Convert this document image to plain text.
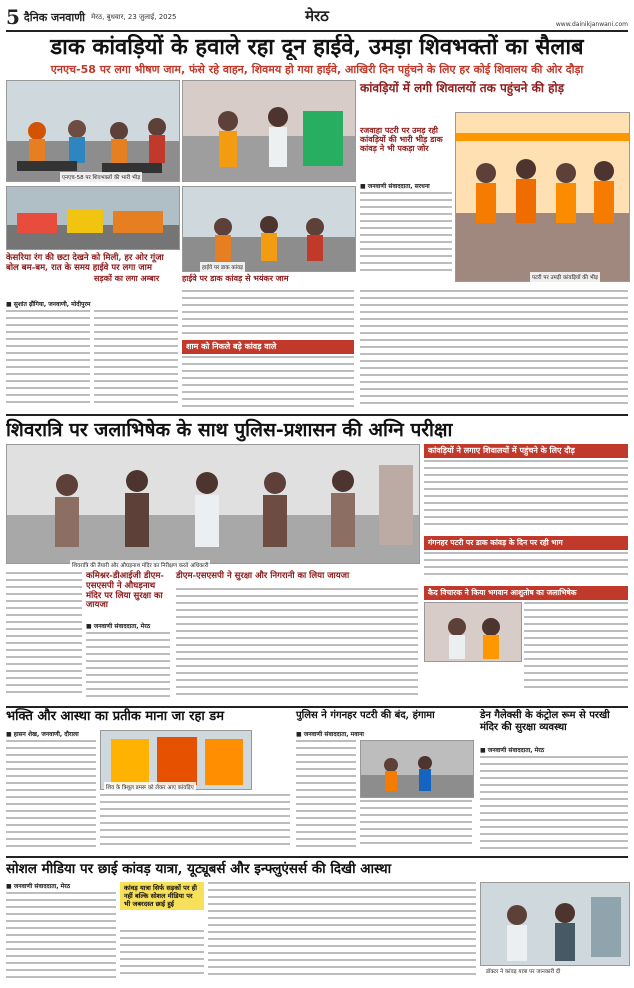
5 दैनिक जनवाणी मेरठ, बुधवार, 23 जुलाई, 2025	मेरठ	www.dainikjanwani.com
डाक कांवड़ियों के हवाले रहा दून हाईवे, उमड़ा शिवभक्तों का सैलाब
एनएच-58 पर लगा भीषण जाम, फंसे रहे वाहन, शिवमय हो गया हाईवे, आखिरी दिन पहुंचने के लिए हर कोई शिवालय की ओर दौड़ा
एनएच-58 पर शिवभक्तों की भारी भीड़
कांवड़ियों में लगी शिवालयों तक पहुंचने की होड़
हाईवे पर डाक कांवड़
पटरी पर उमड़ी कांवड़ियों की भीड़
रजवाहा पटरी पर उमड़ रही कांवड़ियों की भारी भीड़ डाक कांवड़ ने भी पकड़ा जोर
■ जनवाणी संवाददाता, सरधना
केसरिया रंग की छटा देखने को मिली, हर ओर गूंजा बोल बम-बम, रात के समय हाईवे पर लगा जाम
■ सुशांत ढ़ौंगिया, जनवाणी, मोदीपुरम
सड़कों का लगा अम्बार	हाईवे पर डाक कांवड़ से भयंकर जाम
शाम को निकले बड़े कांवड़ वाले
शिवरात्रि पर जलाभिषेक के साथ पुलिस-प्रशासन की अग्नि परीक्षा
शिवरात्रि की तैयारी और औघड़नाथ मंदिर का निरीक्षण करते अधिकारी
कमिश्नर-डीआईजी डीएम-एसएसपी ने औघड़नाथ मंदिर पर लिया सुरक्षा का जायजा
■ जनवाणी संवाददाता, मेरठ
डीएम-एसएसपी ने सुरक्षा और निगरानी का लिया जायजा
कांवड़ियों ने लगाए शिवालयों में पहुंचने के लिए दौड़
गंगनहर पटरी पर डाक कांवड़ के दिन पर रही भाग
कैद विचारक ने किया भगवान आशुतोष का जलाभिषेक
भक्ति और आस्था का प्रतीक माना जा रहा डम
■ हासन शेख, जनवाणी, दौराला
शिव के त्रिशूल डमरू को लेकर आए कांवड़िए
पुलिस ने गंगनहर पटरी की बंद, हंगामा
■ जनवाणी संवाददाता, मवाना
डेन गैलेक्सी के कंट्रोल रूम से परखी मंदिर की सुरक्षा व्यवस्था
■ जनवाणी संवाददाता, मेरठ
सोशल मीडिया पर छाई कांवड़ यात्रा, यूट्यूबर्स और इन्फ्लुएंसर्स की दिखी आस्था
■ जनवाणी संवाददाता, मेरठ	कांवड़ यात्रा सिर्फ सड़कों पर ही नहीं बल्कि सोशल मीडिया पर भी जबरदस्त छाई हुई
डॉक्टर ने कांवड़ यात्रा पर जानकारी दी
